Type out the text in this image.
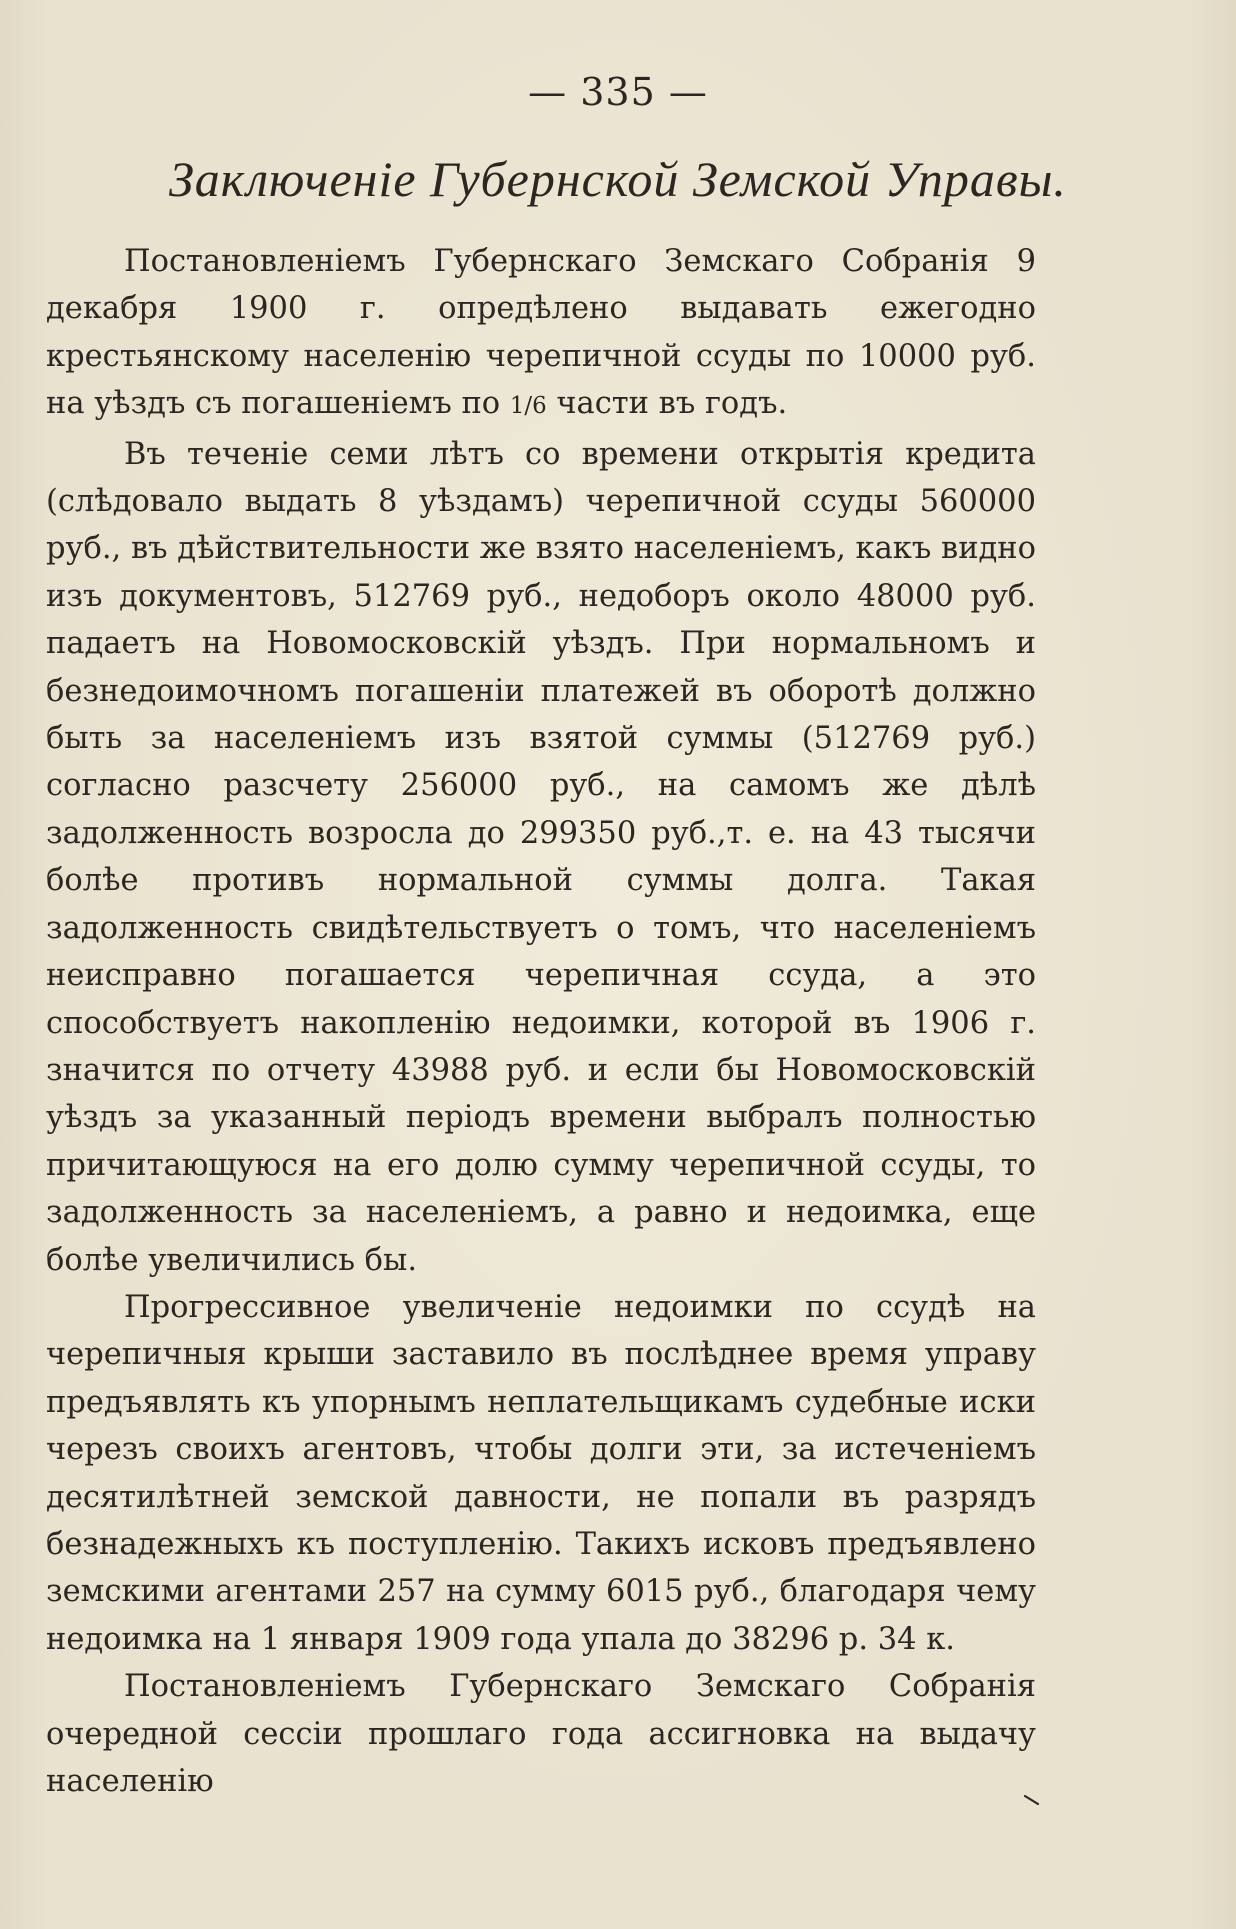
— 335 —
Заключеніе Губернской Земской Управы.

Постановленіемъ Губернскаго Земскаго Собранія 9 декабря 1900 г. опредѣлено выдавать ежегодно крестьянскому населенію черепичной ссуды по 10000 руб. на уѣздъ съ погашеніемъ по 1/6 части въ годъ.

Въ теченіе семи лѣтъ со времени открытія кредита (слѣдовало выдать 8 уѣздамъ) черепичной ссуды 560000 руб., въ дѣйствительности же взято населеніемъ, какъ видно изъ документовъ, 512769 руб., недоборъ около 48000 руб. падаетъ на Новомосковскій уѣздъ. При нормальномъ и безнедоимочномъ погашеніи платежей въ оборотѣ должно быть за населеніемъ изъ взятой суммы (512769 руб.) согласно разсчету 256000 руб., на самомъ же дѣлѣ задолженность возросла до 299350 руб.,т. е. на 43 тысячи болѣе противъ нормальной суммы долга. Такая задолженность свидѣтельствуетъ о томъ, что населеніемъ неисправно погашается черепичная ссуда, а это способствуетъ накопленію недоимки, которой въ 1906 г. значится по отчету 43988 руб. и если бы Новомосковскій уѣздъ за указанный періодъ времени выбралъ полностью причитающуюся на его долю сумму черепичной ссуды, то задолженность за населеніемъ, а равно и недоимка, еще болѣе увеличились бы.

Прогрессивное увеличеніе недоимки по ссудѣ на черепичныя крыши заставило въ послѣднее время управу предъявлять къ упорнымъ неплательщикамъ судебные иски черезъ своихъ агентовъ, чтобы долги эти, за истеченіемъ десятилѣтней земской давности, не попали въ разрядъ безнадежныхъ къ поступленію. Такихъ исковъ предъявлено земскими агентами 257 на сумму 6015 руб., благодаря чему недоимка на 1 января 1909 года упала до 38296 р. 34 к.

Постановленіемъ Губернскаго Земскаго Собранія очередной сессіи прошлаго года ассигновка на выдачу населенію
